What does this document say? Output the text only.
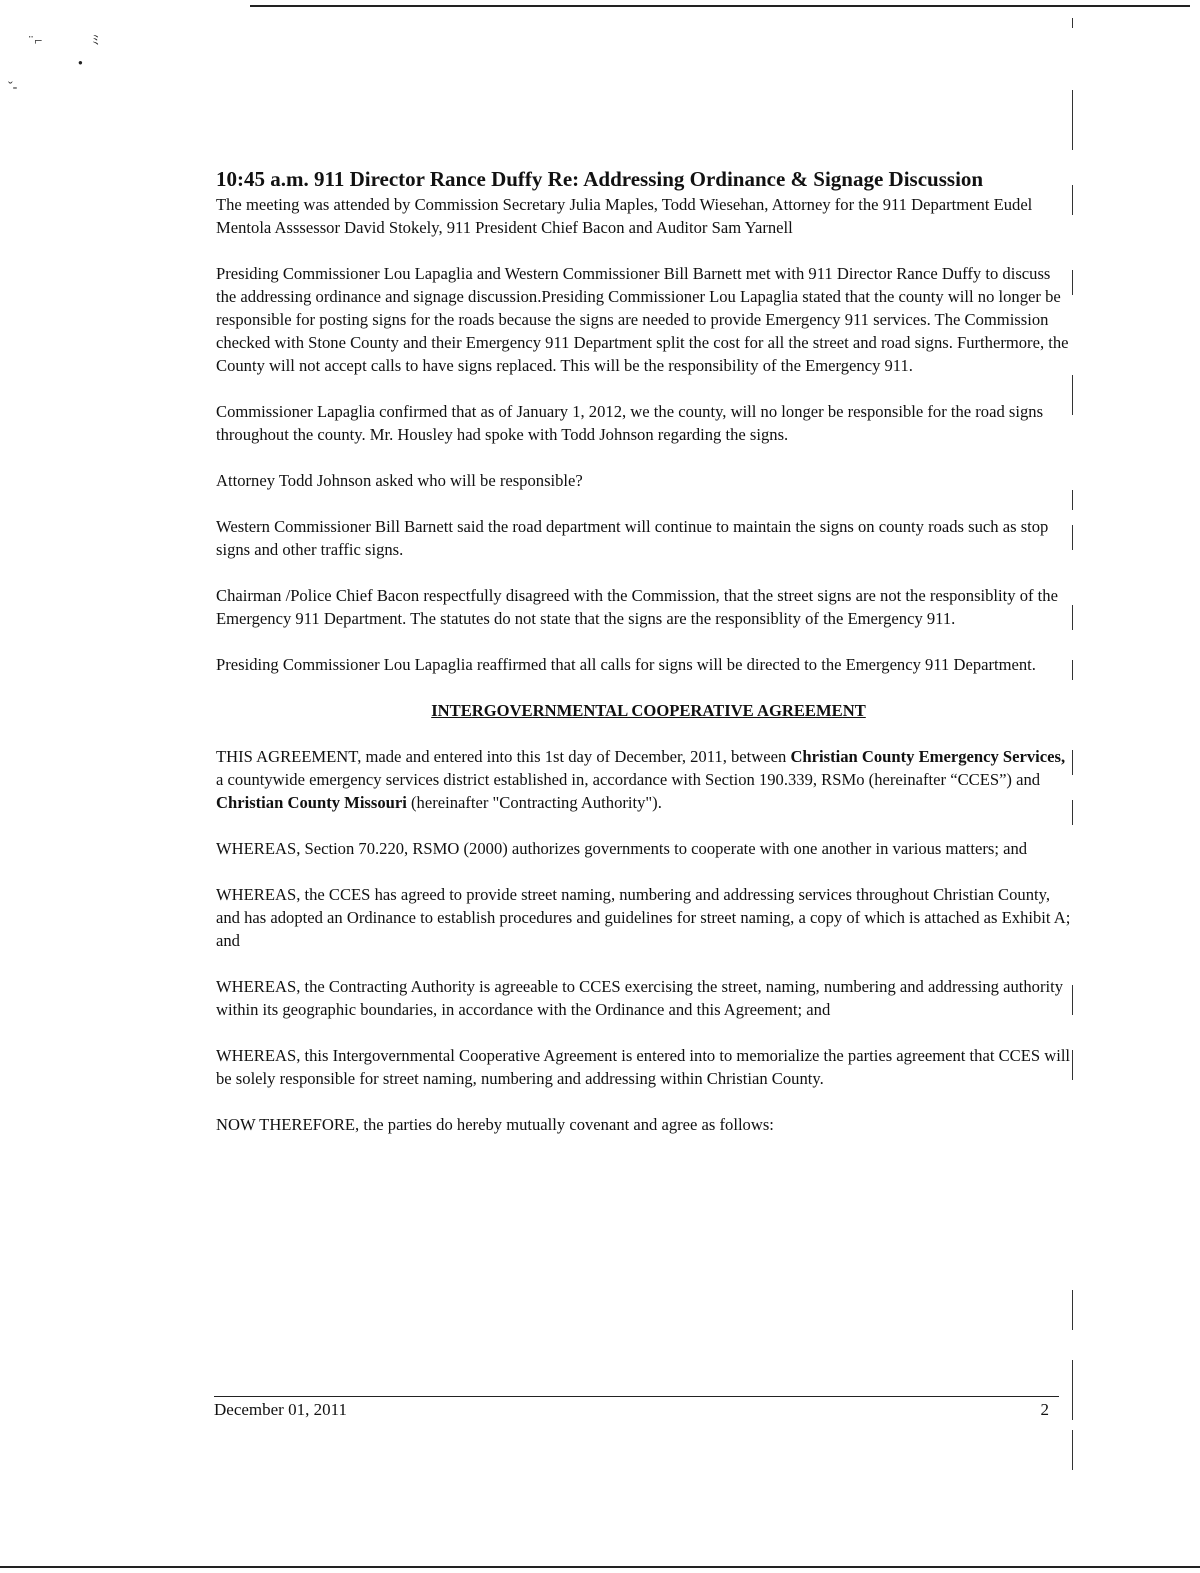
ﾆ̈ ⌐	ﾐ
●
ˇ-
10:45 a.m. 911 Director Rance Duffy Re: Addressing Ordinance & Signage Discussion

The meeting was attended by Commission Secretary Julia Maples, Todd Wiesehan, Attorney for the 911 Department Eudel Mentola Asssessor David Stokely, 911 President Chief Bacon and Auditor Sam Yarnell

Presiding Commissioner Lou Lapaglia and Western Commissioner Bill Barnett met with 911 Director Rance Duffy to discuss the addressing ordinance and signage discussion.Presiding Commissioner Lou Lapaglia stated that the county will no longer be responsible for posting signs for the roads because the signs are needed to provide Emergency 911 services. The Commission checked with Stone County and their Emergency 911 Department split the cost for all the street and road signs. Furthermore, the County will not accept calls to have signs replaced. This will be the responsibility of the Emergency 911.

Commissioner Lapaglia confirmed that as of January 1, 2012, we the county, will no longer be responsible for the road signs throughout the county. Mr. Housley had spoke with Todd Johnson regarding the signs.

Attorney Todd Johnson asked who will be responsible?

Western Commissioner Bill Barnett said the road department will continue to maintain the signs on county roads such as stop signs and other traffic signs.

Chairman /Police Chief Bacon respectfully disagreed with the Commission, that the street signs are not the responsiblity of the Emergency 911 Department. The statutes do not state that the signs are the responsiblity of the Emergency 911.

Presiding Commissioner Lou Lapaglia reaffirmed that all calls for signs will be directed to the Emergency 911 Department.

INTERGOVERNMENTAL COOPERATIVE AGREEMENT

THIS AGREEMENT, made and entered into this 1st day of December, 2011, between Christian County Emergency Services, a countywide emergency services district established in, accordance with Section 190.339, RSMo (hereinafter “CCES”) and Christian County Missouri (hereinafter "Contracting Authority").

WHEREAS, Section 70.220, RSMO (2000) authorizes governments to cooperate with one another in various matters; and

WHEREAS, the CCES has agreed to provide street naming, numbering and addressing services throughout Christian County, and has adopted an Ordinance to establish procedures and guidelines for street naming, a copy of which is attached as Exhibit A; and

WHEREAS, the Contracting Authority is agreeable to CCES exercising the street, naming, numbering and addressing authority within its geographic boundaries, in accordance with the Ordinance and this Agreement; and

WHEREAS, this Intergovernmental Cooperative Agreement is entered into to memorialize the parties agreement that CCES will be solely responsible for street naming, numbering and addressing within Christian County.

NOW THEREFORE, the parties do hereby mutually covenant and agree as follows:

December 01, 2011	2
